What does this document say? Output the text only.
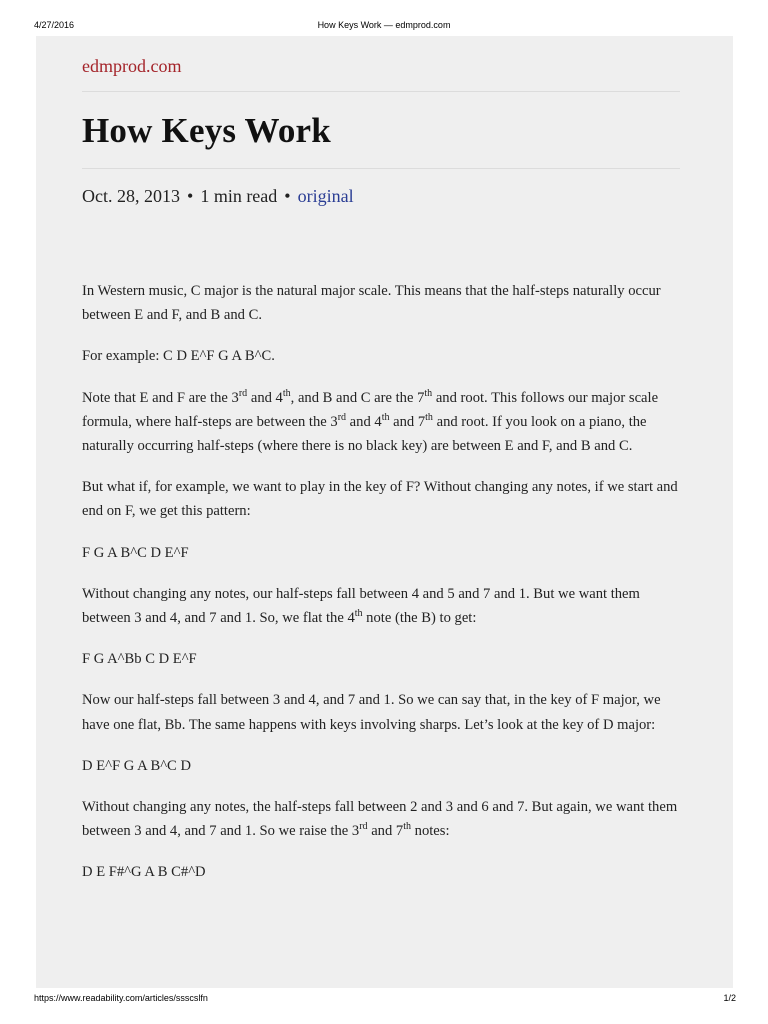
4/27/2016	How Keys Work — edmprod.com
edmprod.com
How Keys Work
Oct. 28, 2013 • 1 min read • original

In Western music, C major is the natural major scale. This means that the half-steps naturally occur between E and F, and B and C.

For example: C D E^F G A B^C.

Note that E and F are the 3rd and 4th, and B and C are the 7th and root. This follows our major scale formula, where half-steps are between the 3rd and 4th and 7th and root. If you look on a piano, the naturally occurring half-steps (where there is no black key) are between E and F, and B and C.

But what if, for example, we want to play in the key of F? Without changing any notes, if we start and end on F, we get this pattern:

F G A B^C D E^F

Without changing any notes, our half-steps fall between 4 and 5 and 7 and 1. But we want them between 3 and 4, and 7 and 1. So, we flat the 4th note (the B) to get:

F G A^Bb C D E^F

Now our half-steps fall between 3 and 4, and 7 and 1. So we can say that, in the key of F major, we have one flat, Bb. The same happens with keys involving sharps. Let’s look at the key of D major:

D E^F G A B^C D

Without changing any notes, the half-steps fall between 2 and 3 and 6 and 7. But again, we want them between 3 and 4, and 7 and 1. So we raise the 3rd and 7th notes:

D E F#^G A B C#^D

https://www.readability.com/articles/ssscslfn	1/2
